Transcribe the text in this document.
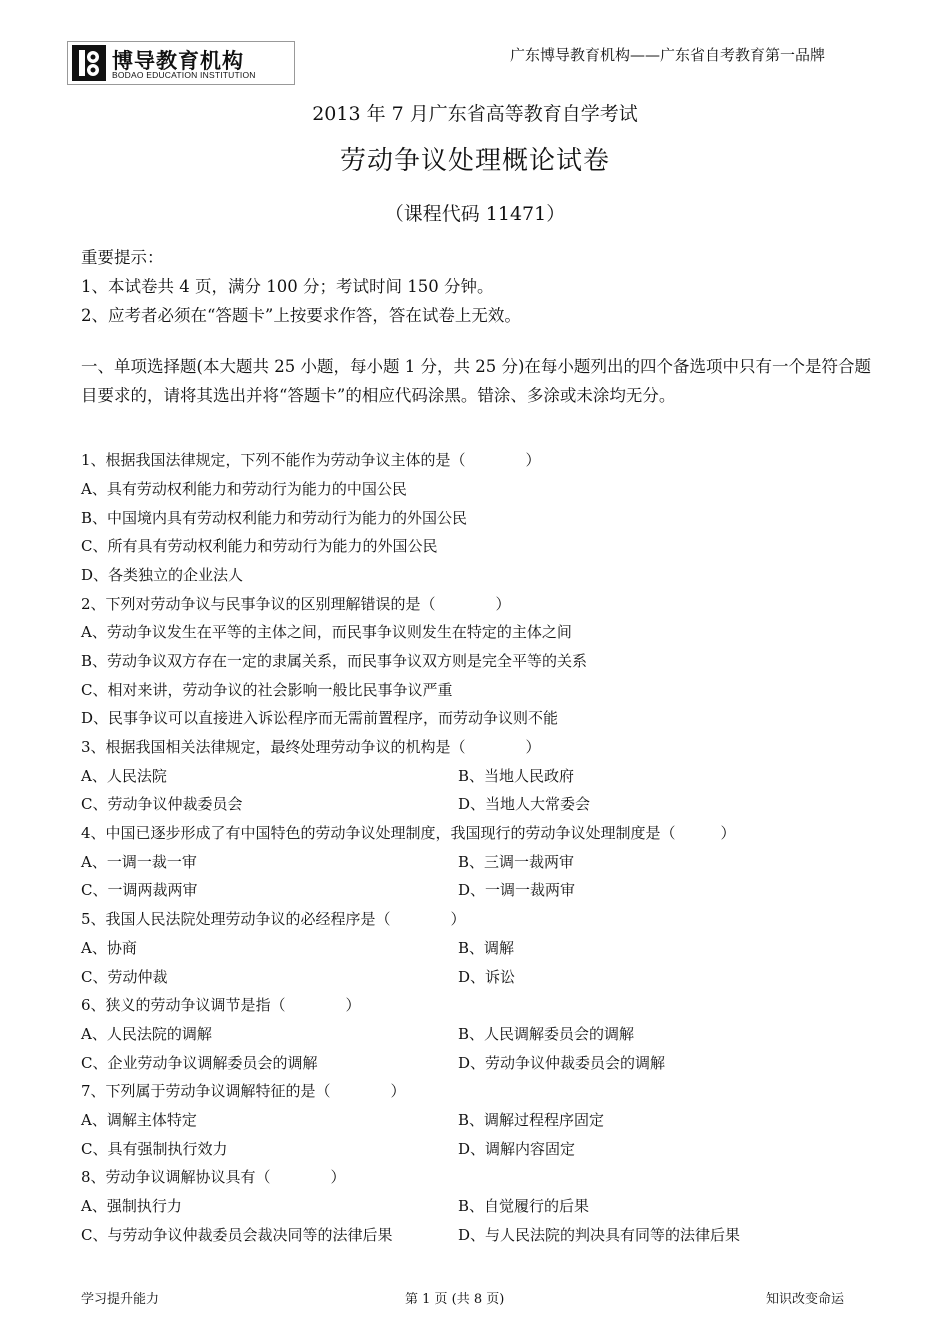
博导教育机构
BODAO EDUCATION INSTITUTION
广东博导教育机构——广东省自考教育第一品牌
2013 年 7 月广东省高等教育自学考试
劳动争议处理概论试卷
（课程代码 11471）
重要提示：
1、本试卷共 4 页，满分 100 分；考试时间 150 分钟。
2、应考者必须在“答题卡”上按要求作答，答在试卷上无效。
一、单项选择题(本大题共 25 小题，每小题 1 分，共 25 分)在每小题列出的四个备选项中只有一个是符合题目要求的，请将其选出并将“答题卡”的相应代码涂黑。错涂、多涂或未涂均无分。
1、根据我国法律规定，下列不能作为劳动争议主体的是（　　　　）
A、具有劳动权利能力和劳动行为能力的中国公民
B、中国境内具有劳动权利能力和劳动行为能力的外国公民
C、所有具有劳动权利能力和劳动行为能力的外国公民
D、各类独立的企业法人
2、下列对劳动争议与民事争议的区别理解错误的是（　　　　）
A、劳动争议发生在平等的主体之间，而民事争议则发生在特定的主体之间
B、劳动争议双方存在一定的隶属关系，而民事争议双方则是完全平等的关系
C、相对来讲，劳动争议的社会影响一般比民事争议严重
D、民事争议可以直接进入诉讼程序而无需前置程序，而劳动争议则不能
3、根据我国相关法律规定，最终处理劳动争议的机构是（　　　　）
A、人民法院	B、当地人民政府
C、劳动争议仲裁委员会	D、当地人大常委会
4、中国已逐步形成了有中国特色的劳动争议处理制度，我国现行的劳动争议处理制度是（　　　）
A、一调一裁一审	B、三调一裁两审
C、一调两裁两审	D、一调一裁两审
5、我国人民法院处理劳动争议的必经程序是（　　　　）
A、协商	B、调解
C、劳动仲裁	D、诉讼
6、狭义的劳动争议调节是指（　　　　）
A、人民法院的调解	B、人民调解委员会的调解
C、企业劳动争议调解委员会的调解	D、劳动争议仲裁委员会的调解
7、下列属于劳动争议调解特征的是（　　　　）
A、调解主体特定	B、调解过程程序固定
C、具有强制执行效力	D、调解内容固定
8、劳动争议调解协议具有（　　　　）
A、强制执行力	B、自觉履行的后果
C、与劳动争议仲裁委员会裁决同等的法律后果	D、与人民法院的判决具有同等的法律后果
学习提升能力	第 1 页 (共 8 页)	知识改变命运
